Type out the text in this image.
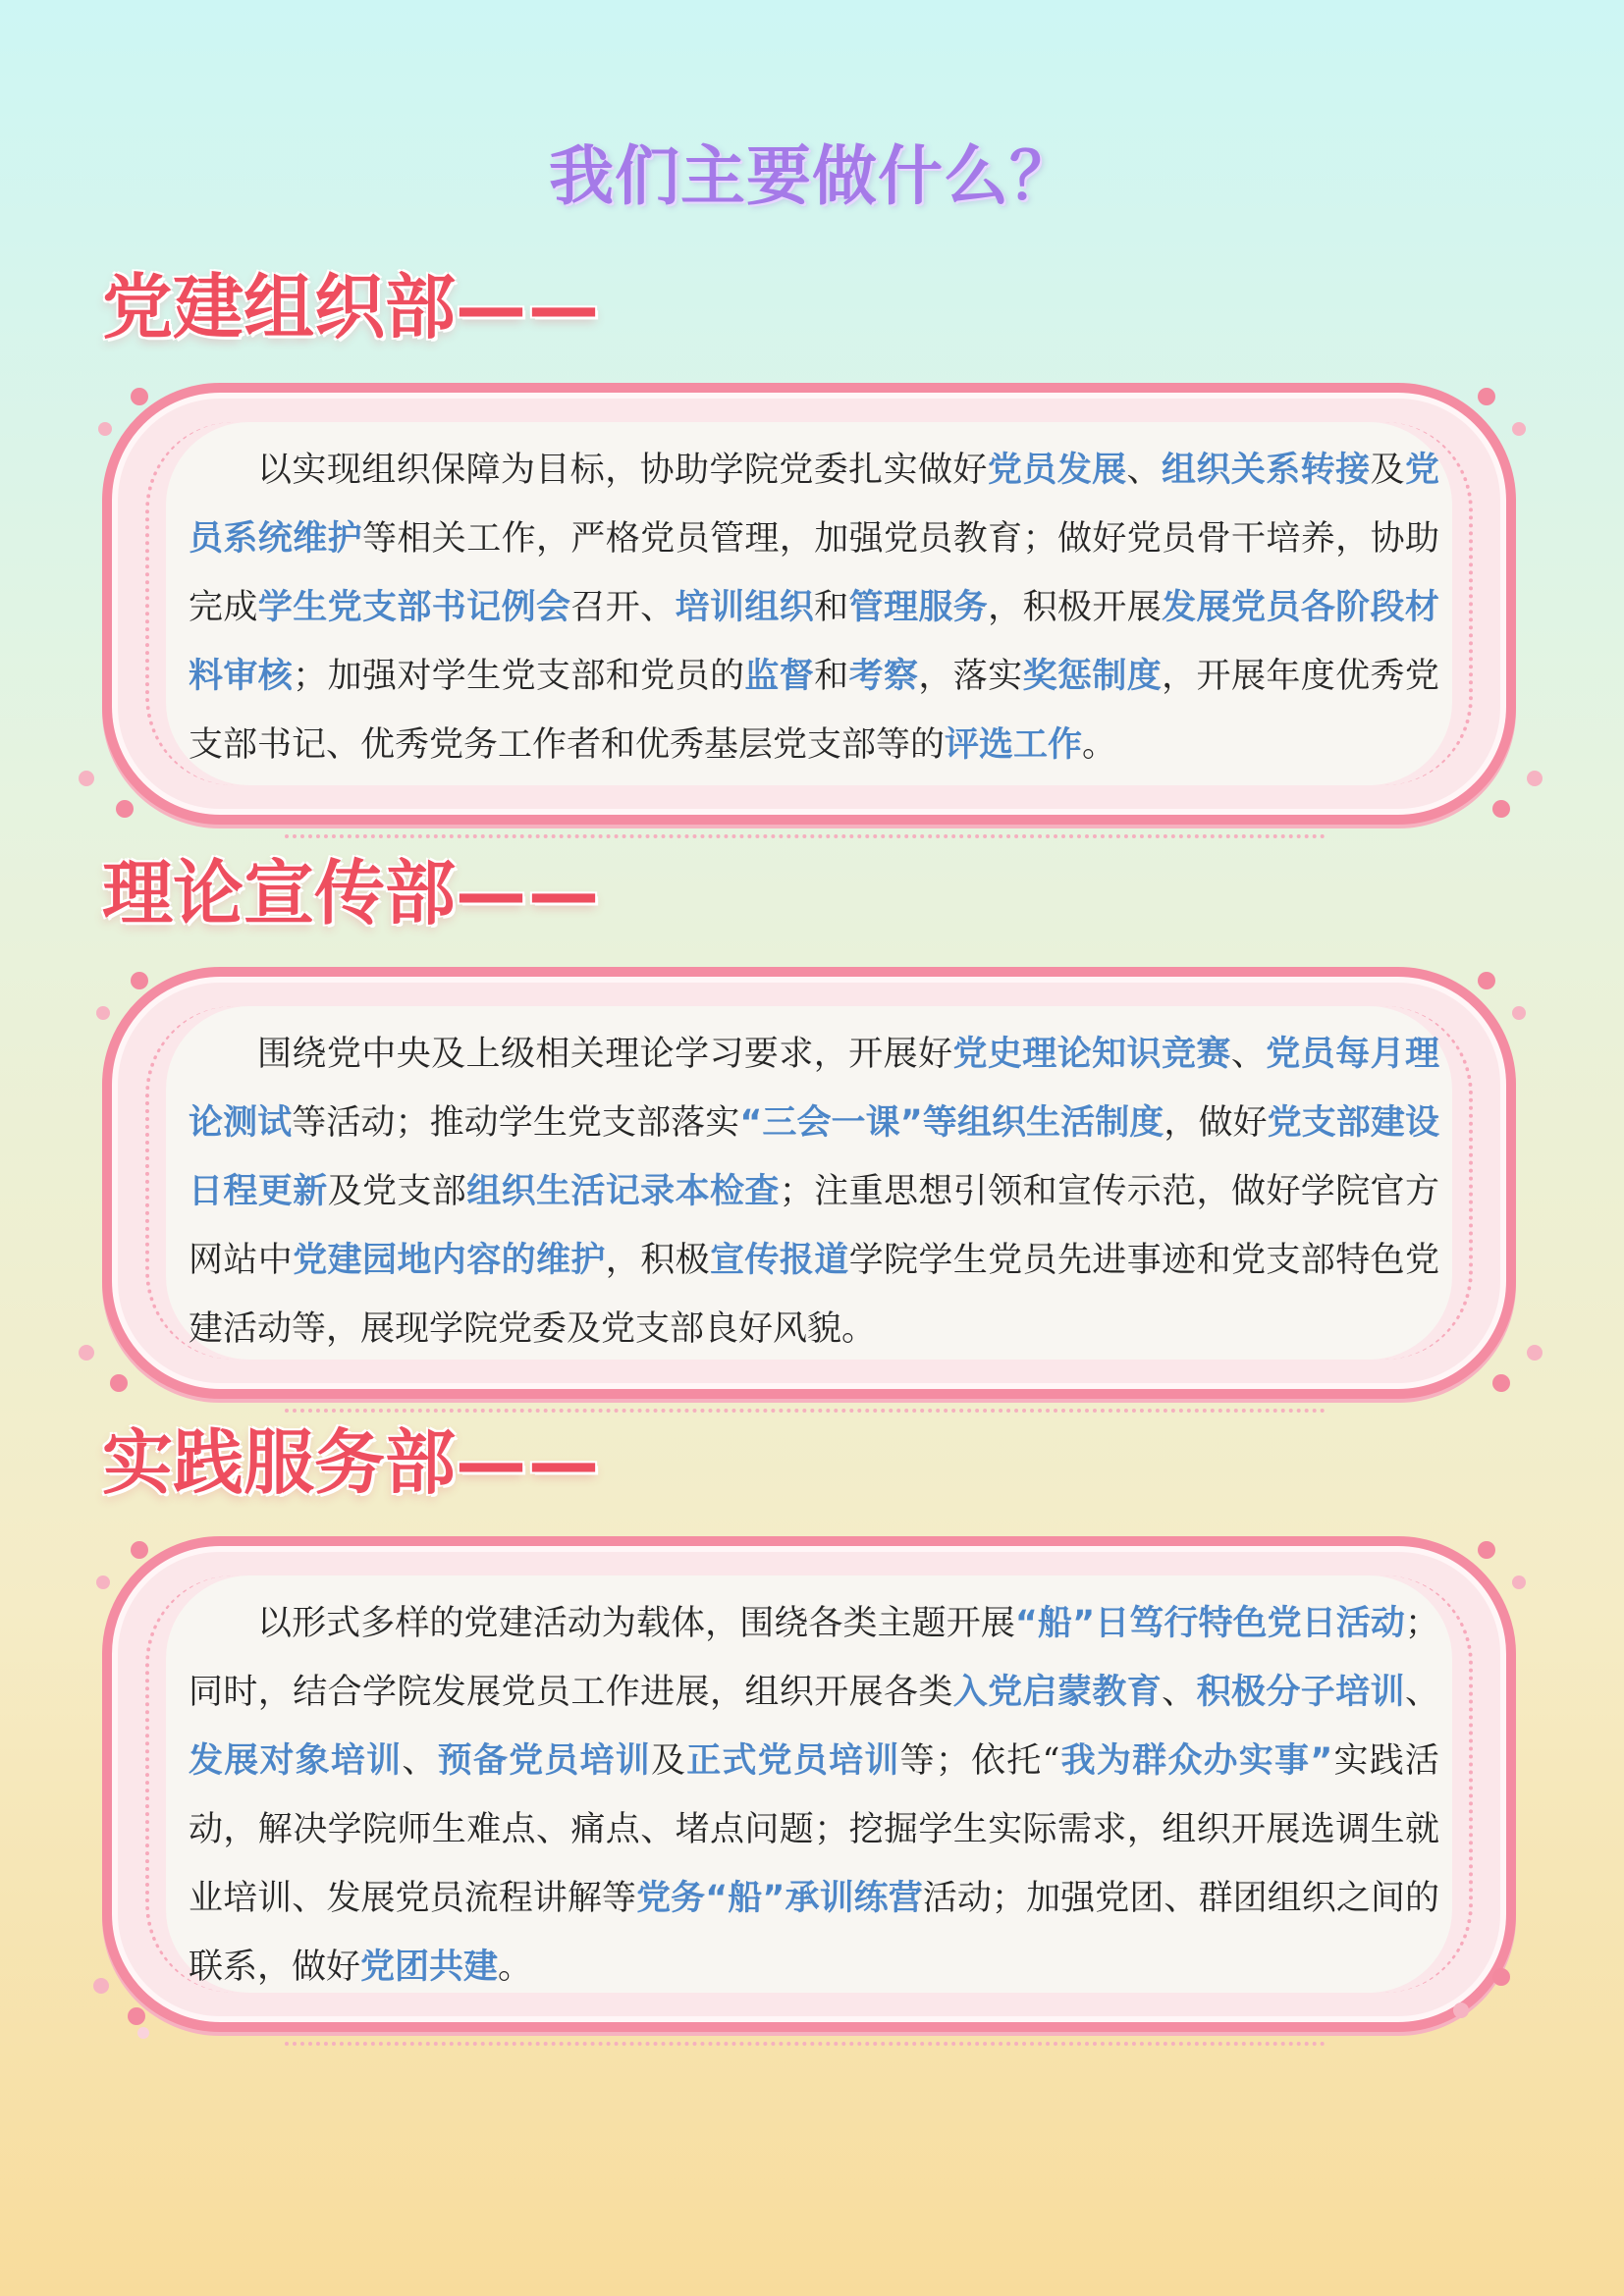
我们主要做什么？
党建组织部——
以实现组织保障为目标，协助学院党委扎实做好党员发展、组织关系转接及党员系统维护等相关工作，严格党员管理，加强党员教育；做好党员骨干培养，协助完成学生党支部书记例会召开、培训组织和管理服务，积极开展发展党员各阶段材料审核；加强对学生党支部和党员的监督和考察，落实奖惩制度，开展年度优秀党支部书记、优秀党务工作者和优秀基层党支部等的评选工作。
理论宣传部——
围绕党中央及上级相关理论学习要求，开展好党史理论知识竞赛、党员每月理论测试等活动；推动学生党支部落实“三会一课”等组织生活制度，做好党支部建设日程更新及党支部组织生活记录本检查；注重思想引领和宣传示范，做好学院官方网站中党建园地内容的维护，积极宣传报道学院学生党员先进事迹和党支部特色党建活动等，展现学院党委及党支部良好风貌。
实践服务部——
以形式多样的党建活动为载体，围绕各类主题开展“船”日笃行特色党日活动；同时，结合学院发展党员工作进展，组织开展各类入党启蒙教育、积极分子培训、发展对象培训、预备党员培训及正式党员培训等；依托“我为群众办实事”实践活动，解决学院师生难点、痛点、堵点问题；挖掘学生实际需求，组织开展选调生就业培训、发展党员流程讲解等党务“船”承训练营活动；加强党团、群团组织之间的联系，做好党团共建。
